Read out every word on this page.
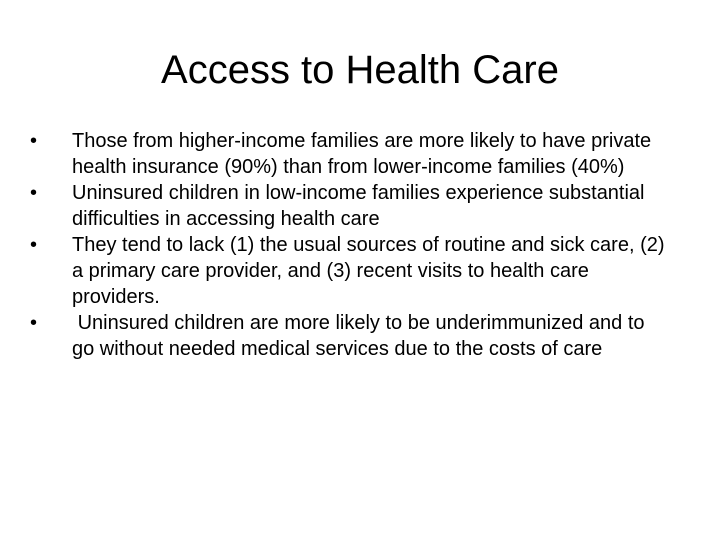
Access to Health Care
•	Those from higher-income families are more likely to have private health insurance (90%) than from lower-income families (40%)
•	Uninsured children in low-income families experience substantial difficulties in accessing health care
•	They tend to lack (1) the usual sources of routine and sick care, (2) a primary care provider, and (3) recent visits to health care providers.
•	Uninsured children are more likely to be underimmunized and to go without needed medical services due to the costs of care
